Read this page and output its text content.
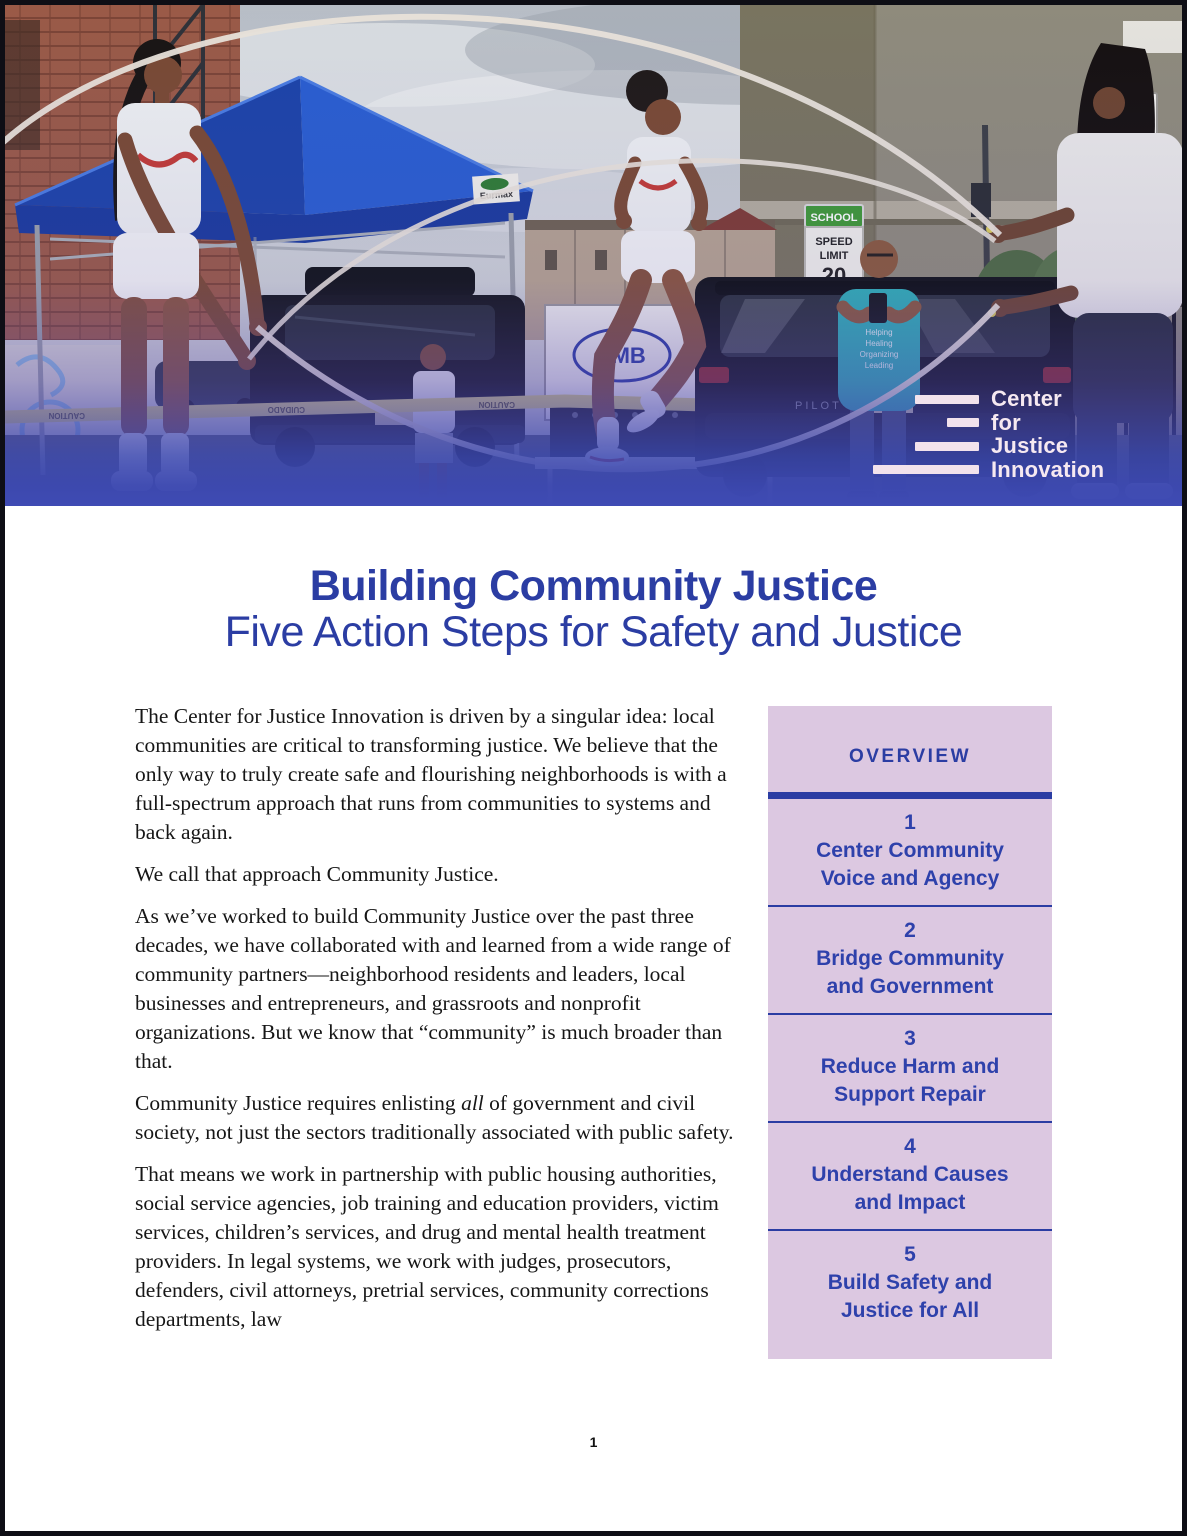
Center
for
Justice
Innovation
Building Community Justice
Five Action Steps for Safety and Justice

The Center for Justice Innovation is driven by a singular idea: local communities are critical to transforming justice. We believe that the only way to truly create safe and flourishing neighborhoods is with a full-spectrum approach that runs from communities to systems and back again.

We call that approach Community Justice.

As we’ve worked to build Community Justice over the past three decades, we have collaborated with and learned from a wide range of community partners—neighborhood residents and leaders, local businesses and entrepreneurs, and grassroots and nonprofit organizations. But we know that “community” is much broader than that.

Community Justice requires enlisting all of government and civil society, not just the sectors traditionally associated with public safety.

That means we work in partnership with public housing authorities, social service agencies, job training and education providers, victim services, children’s services, and drug and mental health treatment providers. In legal systems, we work with judges, prosecutors, defenders, civil attorneys, pretrial services, community corrections departments, law

OVERVIEW
1
Center Community
Voice and Agency
2
Bridge Community
and Government
3
Reduce Harm and
Support Repair
4
Understand Causes
and Impact
5
Build Safety and
Justice for All
1
